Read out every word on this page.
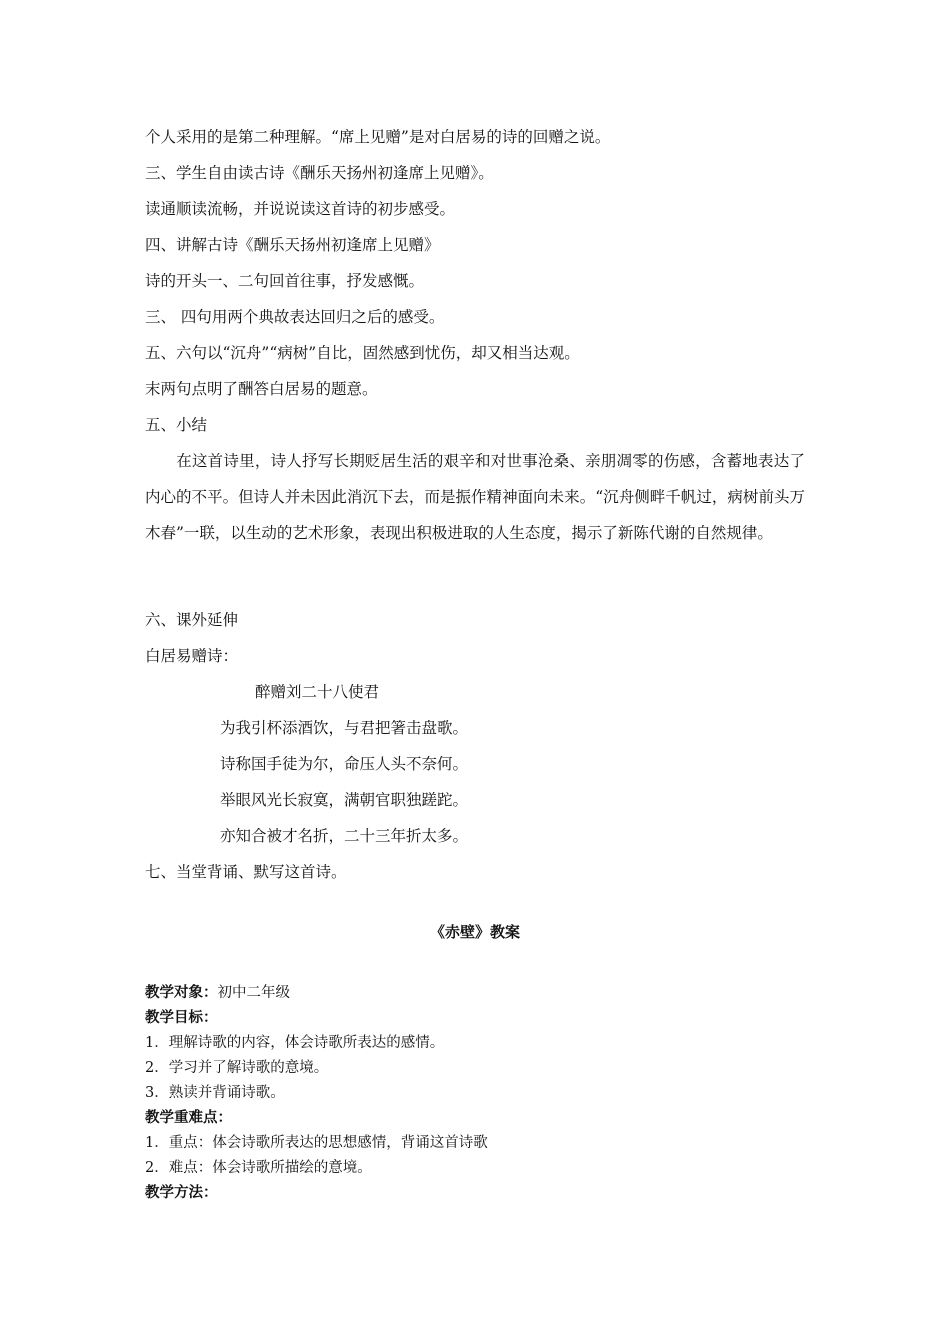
个人采用的是第二种理解。“席上见赠”是对白居易的诗的回赠之说。
三、学生自由读古诗《酬乐天扬州初逢席上见赠》。
读通顺读流畅，并说说读这首诗的初步感受。
四、讲解古诗《酬乐天扬州初逢席上见赠》
诗的开头一、二句回首往事，抒发感慨。
三、 四句用两个典故表达回归之后的感受。
五、六句以“沉舟”“病树”自比，固然感到忧伤，却又相当达观。
末两句点明了酬答白居易的题意。
五、小结
在这首诗里，诗人抒写长期贬居生活的艰辛和对世事沧桑、亲朋凋零的伤感，含蓄地表达了内心的不平。但诗人并未因此消沉下去，而是振作精神面向未来。“沉舟侧畔千帆过，病树前头万木春”一联，以生动的艺术形象，表现出积极进取的人生态度，揭示了新陈代谢的自然规律。
六、课外延伸
白居易赠诗：
醉赠刘二十八使君
为我引杯添酒饮，与君把箸击盘歌。
诗称国手徒为尔，命压人头不奈何。
举眼风光长寂寞，满朝官职独蹉跎。
亦知合被才名折，二十三年折太多。
七、当堂背诵、默写这首诗。
《赤壁》教案
教学对象：初中二年级
教学目标：
1．理解诗歌的内容，体会诗歌所表达的感情。
2．学习并了解诗歌的意境。
3．熟读并背诵诗歌。
教学重难点：
1．重点：体会诗歌所表达的思想感情，背诵这首诗歌
2．难点：体会诗歌所描绘的意境。
教学方法：
